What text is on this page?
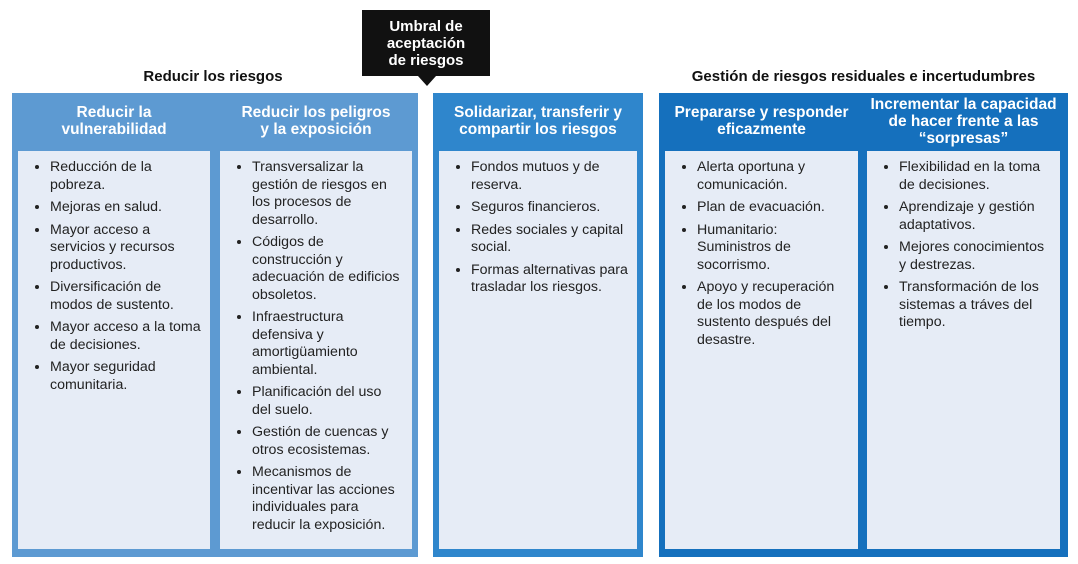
Umbral de
aceptación
de riesgos
Reducir los riesgos	Gestión de riesgos residuales e incertudumbres
Reducir la
vulnerabilidad
• Reducción de la pobreza.
• Mejoras en salud.
• Mayor acceso a servicios y recursos productivos.
• Diversificación de modos de sustento.
• Mayor acceso a la toma de decisiones.
• Mayor seguridad comunitaria.
Reducir los peligros
y la exposición
• Transversalizar la gestión de riesgos en los procesos de desarrollo.
• Códigos de construcción y adecuación de edificios obsoletos.
• Infraestructura defensiva y amortigüamiento ambiental.
• Planificación del uso del suelo.
• Gestión de cuencas y otros ecosistemas.
• Mecanismos de incentivar las acciones individuales para reducir la exposición.
Solidarizar, transferir y
compartir los riesgos
• Fondos mutuos y de reserva.
• Seguros financieros.
• Redes sociales y capital social.
• Formas alternativas para trasladar los riesgos.
Prepararse y responder
eficazmente
• Alerta oportuna y comunicación.
• Plan de evacuación.
• Humanitario: Suministros de socorrismo.
• Apoyo y recuperación de los modos de sustento después del desastre.
Incrementar la capacidad
de hacer frente a las
“sorpresas”
• Flexibilidad en la toma de decisiones.
• Aprendizaje y gestión adaptativos.
• Mejores conocimientos y destrezas.
• Transformación de los sistemas a tráves del tiempo.
